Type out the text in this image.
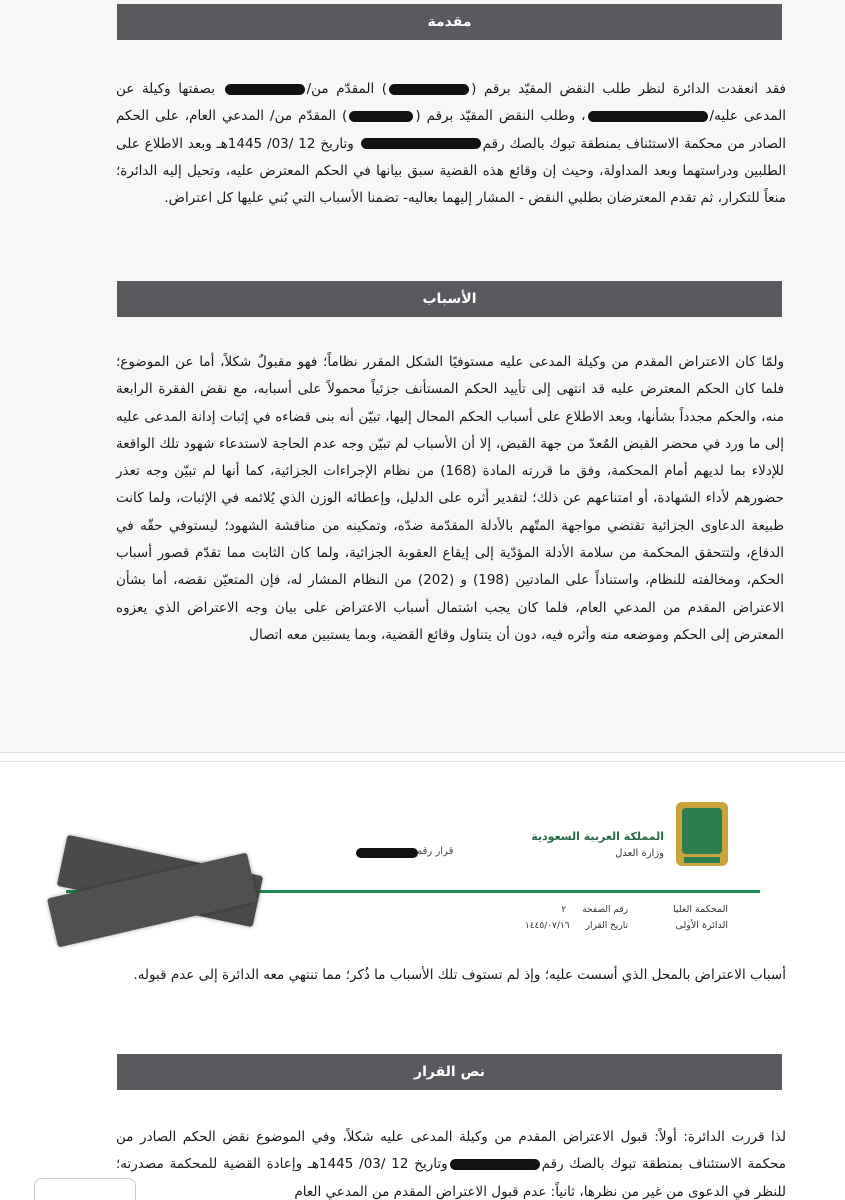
مقدمة

فقد انعقدت الدائرة لنظر طلب النقض المقيّد برقم () المقدّم من/ بصفتها وكيلة عن المدعى عليه/، وطلب النقض المقيّد برقم () المقدّم من/ المدعي العام، على الحكم الصادر من محكمة الاستئناف بمنطقة تبوك بالصك رقم وتاريخ 12 /03/ 1445هـ وبعد الاطلاع على الطلبين ودراستهما وبعد المداولة، وحيث إن وقائع هذه القضية سبق بيانها في الحكم المعترض عليه، وتحيل إليه الدائرة؛ منعاً للتكرار، ثم تقدم المعترضان بطلبي النقض - المشار إليهما بعاليه- تضمنا الأسباب التي بُني عليها كل اعتراض.

الأسباب
ولمّا كان الاعتراض المقدم من وكيلة المدعى عليه مستوفيًا الشكل المقرر نظاماً؛ فهو مقبولٌ شكلاً، أما عن الموضوع؛ فلما كان الحكم المعترض عليه قد انتهى إلى تأييد الحكم المستأنف جزئياً محمولاً على أسبابه، مع نقض الفقرة الرابعة منه، والحكم مجدداً بشأنها، وبعد الاطلاع على أسباب الحكم المحال إليها، تبيّن أنه بنى قضاءه في إثبات إدانة المدعى عليه إلى ما ورد في محضر القبض المُعدّ من جهة القبض، إلا أن الأسباب لم تبيّن وجه عدم الحاجة لاستدعاء شهود تلك الواقعة للإدلاء بما لديهم أمام المحكمة، وفق ما قررته المادة (168) من نظام الإجراءات الجزائية، كما أنها لم تبيّن وجه تعذر حضورهم لأداء الشهادة، أو امتناعهم عن ذلك؛ لتقدير أثره على الدليل، وإعطائه الوزن الذي يُلائمه في الإثبات، ولما كانت طبيعة الدعاوى الجزائية تقتضي مواجهة المتّهم بالأدلة المقدّمة ضدّه، وتمكينه من مناقشة الشهود؛ ليستوفي حقّه في الدفاع، ولتتحقق المحكمة من سلامة الأدلة المؤدّية إلى إيقاع العقوبة الجزائية، ولما كان الثابت مما تقدّم قصور أسباب الحكم، ومخالفته للنظام، واستناداً على المادتين (198) و (202) من النظام المشار له، فإن المتعيّن نقضه، أما بشأن الاعتراض المقدم من المدعي العام، فلما كان يجب اشتمال أسباب الاعتراض على بيان وجه الاعتراض الذي يعزوه المعترض إلى الحكم وموضعه منه وأثره فيه، دون أن يتناول وقائع القضية، وبما يستبين معه اتصال
المملكة العربية السعودية
وزارة العدل
قرار رقم
المحكمة العليا
الدائرة الأولى
رقم الصفحة٢
تاريخ القرار١٤٤٥/٠٧/١٦
أسباب الاعتراض بالمحل الذي أسست عليه؛ وإذ لم تستوف تلك الأسباب ما ذُكر؛ مما تنتهي معه الدائرة إلى عدم قبوله.
نص القرار

لذا قررت الدائرة: أولاً: قبول الاعتراض المقدم من وكيلة المدعى عليه شكلاً، وفي الموضوع نقض الحكم الصادر من محكمة الاستئناف بمنطقة تبوك بالصك رقموتاريخ 12 /03/ 1445هـ وإعادة القضية للمحكمة مصدرته؛ للنظر في الدعوى من غير من نظرها، ثانياً: عدم قبول الاعتراض المقدم من المدعي العام
